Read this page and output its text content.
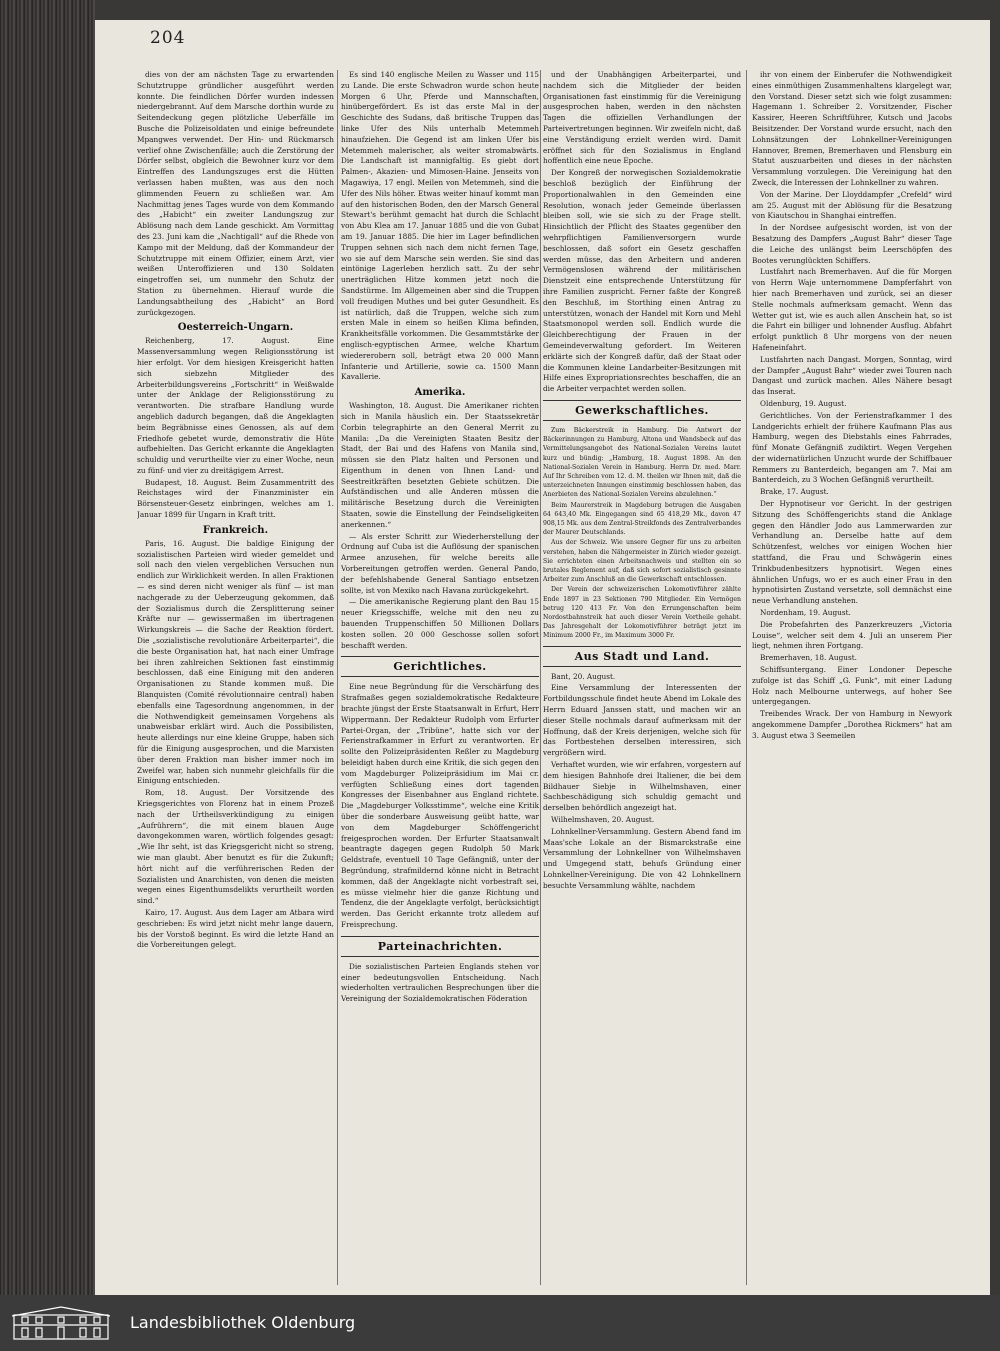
204

dies von der am nächsten Tage zu erwartenden Schutztruppe gründlicher ausgeführt werden konnte. Die feindlichen Dörfer wurden indessen niedergebrannt. Auf dem Marsche dorthin wurde zu Seitendeckung gegen plötzliche Ueberfälle im Busche die Polizeisoldaten und einige befreundete Mpangwes verwendet. Der Hin- und Rückmarsch verlief ohne Zwischenfälle; auch die Zerstörung der Dörfer selbst, obgleich die Bewohner kurz vor dem Eintreffen des Landungszuges erst die Hütten verlassen haben mußten, was aus den noch glimmenden Feuern zu schließen war. Am Nachmittag jenes Tages wurde von dem Kommando des „Habicht“ ein zweiter Landungszug zur Ablösung nach dem Lande geschickt. Am Vormittag des 23. Juni kam die „Nachtigall“ auf die Rhede von Kampo mit der Meldung, daß der Kommandeur der Schutztruppe mit einem Offizier, einem Arzt, vier weißen Unteroffizieren und 130 Soldaten eingetroffen sei, um nunmehr den Schutz der Station zu übernehmen. Hierauf wurde die Landungsabtheilung des „Habicht“ an Bord zurückgezogen.

Oesterreich-Ungarn.

Reichenberg, 17. August. Eine Massenversammlung wegen Religionsstörung ist hier erfolgt. Vor dem hiesigen Kreisgericht hatten sich siebzehn Mitglieder des Arbeiterbildungsvereins „Fortschritt“ in Weißwalde unter der Anklage der Religionsstörung zu verantworten. Die strafbare Handlung wurde angeblich dadurch begangen, daß die Angeklagten beim Begräbnisse eines Genossen, als auf dem Friedhofe gebetet wurde, demonstrativ die Hüte aufbehielten. Das Gericht erkannte die Angeklagten schuldig und verurtheilte vier zu einer Woche, neun zu fünf- und vier zu dreitägigem Arrest.

Budapest, 18. August. Beim Zusammentritt des Reichstages wird der Finanzminister ein Börsensteuer-Gesetz einbringen, welches am 1. Januar 1899 für Ungarn in Kraft tritt.

Frankreich.

Paris, 16. August. Die baldige Einigung der sozialistischen Parteien wird wieder gemeldet und soll nach den vielen vergeblichen Versuchen nun endlich zur Wirklichkeit werden. In allen Fraktionen — es sind deren nicht weniger als fünf — ist man nachgerade zu der Ueberzeugung gekommen, daß der Sozialismus durch die Zersplitterung seiner Kräfte nur — gewissermaßen im übertragenen Wirkungskreis — die Sache der Reaktion fördert. Die „sozialistische revolutionäre Arbeiterpartei“, die die beste Organisation hat, hat nach einer Umfrage bei ihren zahlreichen Sektionen fast einstimmig beschlossen, daß eine Einigung mit den anderen Organisationen zu Stande kommen muß. Die Blanquisten (Comité révolutionnaire central) haben ebenfalls eine Tagesordnung angenommen, in der die Nothwendigkeit gemeinsamen Vorgehens als unabweisbar erklärt wird. Auch die Possibilisten, heute allerdings nur eine kleine Gruppe, haben sich für die Einigung ausgesprochen, und die Marxisten über deren Fraktion man bisher immer noch im Zweifel war, haben sich nunmehr gleichfalls für die Einigung entschieden.

Rom, 18. August. Der Vorsitzende des Kriegsgerichtes von Florenz hat in einem Prozeß nach der Urtheilsverkündigung zu einigen „Aufrührern“, die mit einem blauen Auge davongekommen waren, wörtlich folgendes gesagt: „Wie Ihr seht, ist das Kriegsgericht nicht so streng, wie man glaubt. Aber benutzt es für die Zukunft; hört nicht auf die verführerischen Reden der Sozialisten und Anarchisten, von denen die meisten wegen eines Eigenthumsdelikts verurtheilt worden sind.“

Kairo, 17. August. Aus dem Lager am Atbara wird geschrieben: Es wird jetzt nicht mehr lange dauern, bis der Vorstoß beginnt. Es wird die letzte Hand an die Vorbereitungen gelegt.

Es sind 140 englische Meilen zu Wasser und 115 zu Lande. Die erste Schwadron wurde schon heute Morgen 6 Uhr, Pferde und Mannschaften, hinübergefördert. Es ist das erste Mal in der Geschichte des Sudans, daß britische Truppen das linke Ufer des Nils unterhalb Metemmeh hinaufziehen. Die Gegend ist am linken Ufer bis Metemmeh malerischer, als weiter stromabwärts. Die Landschaft ist mannigfaltig. Es giebt dort Palmen-, Akazien- und Mimosen-Haine. Jenseits von Magawiya, 17 engl. Meilen von Metemmeh, sind die Ufer des Nils höher. Etwas weiter hinauf kommt man auf den historischen Boden, den der Marsch General Stewart's berühmt gemacht hat durch die Schlacht von Abu Klea am 17. Januar 1885 und die von Gubat am 19. Januar 1885. Die hier im Lager befindlichen Truppen sehnen sich nach dem nicht fernen Tage, wo sie auf dem Marsche sein werden. Sie sind das eintönige Lagerleben herzlich satt. Zu der sehr unerträglichen Hitze kommen jetzt noch die Sandstürme. Im Allgemeinen aber sind die Truppen voll freudigen Muthes und bei guter Gesundheit. Es ist natürlich, daß die Truppen, welche sich zum ersten Male in einem so heißen Klima befinden, Krankheitsfälle vorkommen. Die Gesammtstärke der englisch-egyptischen Armee, welche Khartum wiedererobern soll, beträgt etwa 20 000 Mann Infanterie und Artillerie, sowie ca. 1500 Mann Kavallerie.

Amerika.

Washington, 18. August. Die Amerikaner richten sich in Manila häuslich ein. Der Staatssekretär Corbin telegraphirte an den General Merrit zu Manila: „Da die Vereinigten Staaten Besitz der Stadt, der Bai und des Hafens von Manila sind, müssen sie den Platz halten und Personen und Eigenthum in denen von Ihnen Land- und Seestreitkräften besetzten Gebiete schützen. Die Aufständischen und alle Anderen müssen die militärische Besetzung durch die Vereinigten Staaten, sowie die Einstellung der Feindseligkeiten anerkennen.“

— Als erster Schritt zur Wiederherstellung der Ordnung auf Cuba ist die Auflösung der spanischen Armee anzusehen, für welche bereits alle Vorbereitungen getroffen werden. General Pando, der befehlshabende General Santiago entsetzen sollte, ist von Mexiko nach Havana zurückgekehrt.

— Die amerikanische Regierung plant den Bau 15 neuer Kriegsschiffe, welche mit den neu zu bauenden Truppenschiffen 50 Millionen Dollars kosten sollen. 20 000 Geschosse sollen sofort beschafft werden.

Gerichtliches.

Eine neue Begründung für die Verschärfung des Strafmaßes gegen sozialdemokratische Redakteure brachte jüngst der Erste Staatsanwalt in Erfurt, Herr Wippermann. Der Redakteur Rudolph vom Erfurter Partei-Organ, der „Tribüne“, hatte sich vor der Ferienstrafkammer in Erfurt zu verantworten. Er sollte den Polizeipräsidenten Reßler zu Magdeburg beleidigt haben durch eine Kritik, die sich gegen den vom Magdeburger Polizeipräsidium im Mai cr. verfügten Schließung eines dort tagenden Kongresses der Eisenbahner aus England richtete. Die „Magdeburger Volksstimme“, welche eine Kritik über die sonderbare Ausweisung geübt hatte, war von dem Magdeburger Schöffengericht freigesprochen worden. Der Erfurter Staatsanwalt beantragte dagegen gegen Rudolph 50 Mark Geldstrafe, eventuell 10 Tage Gefängniß, unter der Begründung, strafmildernd könne nicht in Betracht kommen, daß der Angeklagte nicht vorbestraft sei, es müsse vielmehr hier die ganze Richtung und Tendenz, die der Angeklagte verfolgt, berücksichtigt werden. Das Gericht erkannte trotz alledem auf Freisprechung.

Parteinachrichten.

Die sozialistischen Parteien Englands stehen vor einer bedeutungsvollen Entscheidung. Nach wiederholten vertraulichen Besprechungen über die Vereinigung der Sozialdemokratischen Föderation

und der Unabhängigen Arbeiterpartei, und nachdem sich die Mitglieder der beiden Organisationen fast einstimmig für die Vereinigung ausgesprochen haben, werden in den nächsten Tagen die offiziellen Verhandlungen der Parteivertretungen beginnen. Wir zweifeln nicht, daß eine Verständigung erzielt werden wird. Damit eröffnet sich für den Sozialismus in England hoffentlich eine neue Epoche.

Der Kongreß der norwegischen Sozialdemokratie beschloß bezüglich der Einführung der Proportionalwahlen in den Gemeinden eine Resolution, wonach jeder Gemeinde überlassen bleiben soll, wie sie sich zu der Frage stellt. Hinsichtlich der Pflicht des Staates gegenüber den wehrpflichtigen Familienversorgern wurde beschlossen, daß sofort ein Gesetz geschaffen werden müsse, das den Arbeitern und anderen Vermögenslosen während der militärischen Dienstzeit eine entsprechende Unterstützung für ihre Familien zuspricht. Ferner faßte der Kongreß den Beschluß, im Storthing einen Antrag zu unterstützen, wonach der Handel mit Korn und Mehl Staatsmonopol werden soll. Endlich wurde die Gleichberechtigung der Frauen in der Gemeindeverwaltung gefordert. Im Weiteren erklärte sich der Kongreß dafür, daß der Staat oder die Kommunen kleine Landarbeiter-Besitzungen mit Hilfe eines Expropriationsrechtes beschaffen, die an die Arbeiter verpachtet werden sollen.

Gewerkschaftliches.

Zum Bäckerstreik in Hamburg. Die Antwort der Bäckerinnungen zu Hamburg, Altona und Wandsbeck auf das Vermittelungsangebot des National-Sozialen Vereins lautet kurz und bündig: „Hamburg, 18. August 1898. An den National-Sozialen Verein in Hamburg. Herrn Dr. med. Marr. Auf Ihr Schreiben vom 12. d. M. theilen wir Ihnen mit, daß die unterzeichneten Innungen einstimmig beschlossen haben, das Anerbieten des National-Sozialen Vereins abzulehnen.“

Beim Maurerstreik in Magdeburg betrugen die Ausgaben 64 643,40 Mk. Eingegangen sind 65 418,29 Mk., davon 47 908,15 Mk. aus dem Zentral-Streikfonds des Zentralverbandes der Maurer Deutschlands.

Aus der Schweiz. Wie unsere Gegner für uns zu arbeiten verstehen, haben die Nähgermeister in Zürich wieder gezeigt. Sie errichteten einen Arbeitsnachweis und stellten ein so brutales Reglement auf, daß sich sofort sozialistisch gesinnte Arbeiter zum Anschluß an die Gewerkschaft entschlossen.

Der Verein der schweizerischen Lokomotivführer zählte Ende 1897 in 23 Sektionen 790 Mitglieder. Ein Vermögen betrug 120 413 Fr. Von den Errungenschaften beim Nordostbahnstreik hat auch dieser Verein Vortheile gehabt. Das Jahresgehalt der Lokomotivführer beträgt jetzt im Minimum 2000 Fr., im Maximum 3000 Fr.

Aus Stadt und Land.

Bant, 20. August.

Eine Versammlung der Interessenten der Fortbildungsschule findet heute Abend im Lokale des Herrn Eduard Janssen statt, und machen wir an dieser Stelle nochmals darauf aufmerksam mit der Hoffnung, daß der Kreis derjenigen, welche sich für das Fortbestehen derselben interessiren, sich vergrößern wird.

Verhaftet wurden, wie wir erfahren, vorgestern auf dem hiesigen Bahnhofe drei Italiener, die bei dem Bildhauer Siebje in Wilhelmshaven, einer Sachbeschädigung sich schuldig gemacht und derselben behördlich angezeigt hat.

Wilhelmshaven, 20. August.

Lohnkellner-Versammlung. Gestern Abend fand im Maas'sche Lokale an der Bismarckstraße eine Versammlung der Lohnkellner von Wilhelmshaven und Umgegend statt, behufs Gründung einer Lohnkellner-Vereinigung. Die von 42 Lohnkellnern besuchte Versammlung wählte, nachdem

ihr von einem der Einberufer die Nothwendigkeit eines einmüthigen Zusammenhaltens klargelegt war, den Vorstand. Dieser setzt sich wie folgt zusammen: Hagemann 1. Schreiber 2. Vorsitzender, Fischer Kassirer, Heeren Schriftführer, Kutsch und Jacobs Beisitzender. Der Vorstand wurde ersucht, nach den Lohnsätzungen der Lohnkellner-Vereinigungen Hannover, Bremen, Bremerhaven und Flensburg ein Statut auszuarbeiten und dieses in der nächsten Versammlung vorzulegen. Die Vereinigung hat den Zweck, die Interessen der Lohnkellner zu wahren.

Von der Marine. Der Lloyddampfer „Crefeld“ wird am 25. August mit der Ablösung für die Besatzung von Kiautschou in Shanghai eintreffen.

In der Nordsee aufgesischt worden, ist von der Besatzung des Dampfers „August Bahr“ dieser Tage die Leiche des unlängst beim Leerschöpfen des Bootes verunglückten Schiffers.

Lustfahrt nach Bremerhaven. Auf die für Morgen von Herrn Waje unternommene Dampferfahrt von hier nach Bremerhaven und zurück, sei an dieser Stelle nochmals aufmerksam gemacht. Wenn das Wetter gut ist, wie es auch allen Anschein hat, so ist die Fahrt ein billiger und lohnender Ausflug. Abfahrt erfolgt punktlich 8 Uhr morgens von der neuen Hafeneinfahrt.

Lustfahrten nach Dangast. Morgen, Sonntag, wird der Dampfer „August Bahr“ wieder zwei Touren nach Dangast und zurück machen. Alles Nähere besagt das Inserat.

Oldenburg, 19. August.

Gerichtliches. Von der Ferienstrafkammer I des Landgerichts erhielt der frühere Kaufmann Plas aus Hamburg, wegen des Diebstahls eines Fahrrades, fünf Monate Gefängniß zudiktirt. Wegen Vergehen der widernatürlichen Unzucht wurde der Schiffbauer Remmers zu Banterdeich, begangen am 7. Mai am Banterdeich, zu 3 Wochen Gefängniß verurtheilt.

Brake, 17. August.

Der Hypnotiseur vor Gericht. In der gestrigen Sitzung des Schöffengerichts stand die Anklage gegen den Händler Jodo aus Lammerwarden zur Verhandlung an. Derselbe hatte auf dem Schützenfest, welches vor einigen Wochen hier stattfand, die Frau und Schwägerin eines Trinkbudenbesitzers hypnotisirt. Wegen eines ähnlichen Unfugs, wo er es auch einer Frau in den hypnotisirten Zustand versetzte, soll demnächst eine neue Verhandlung anstehen.

Nordenham, 19. August.

Die Probefahrten des Panzerkreuzers „Victoria Louise“, welcher seit dem 4. Juli an unserem Pier liegt, nehmen ihren Fortgang.

Bremerhaven, 18. August.

Schiffsuntergang. Einer Londoner Depesche zufolge ist das Schiff „G. Funk“, mit einer Ladung Holz nach Melbourne unterwegs, auf hoher See untergegangen.

Treibendes Wrack. Der von Hamburg in Newyork angekommene Dampfer „Dorothea Rickmers“ hat am 3. August etwa 3 Seemeilen

Landesbibliothek Oldenburg
